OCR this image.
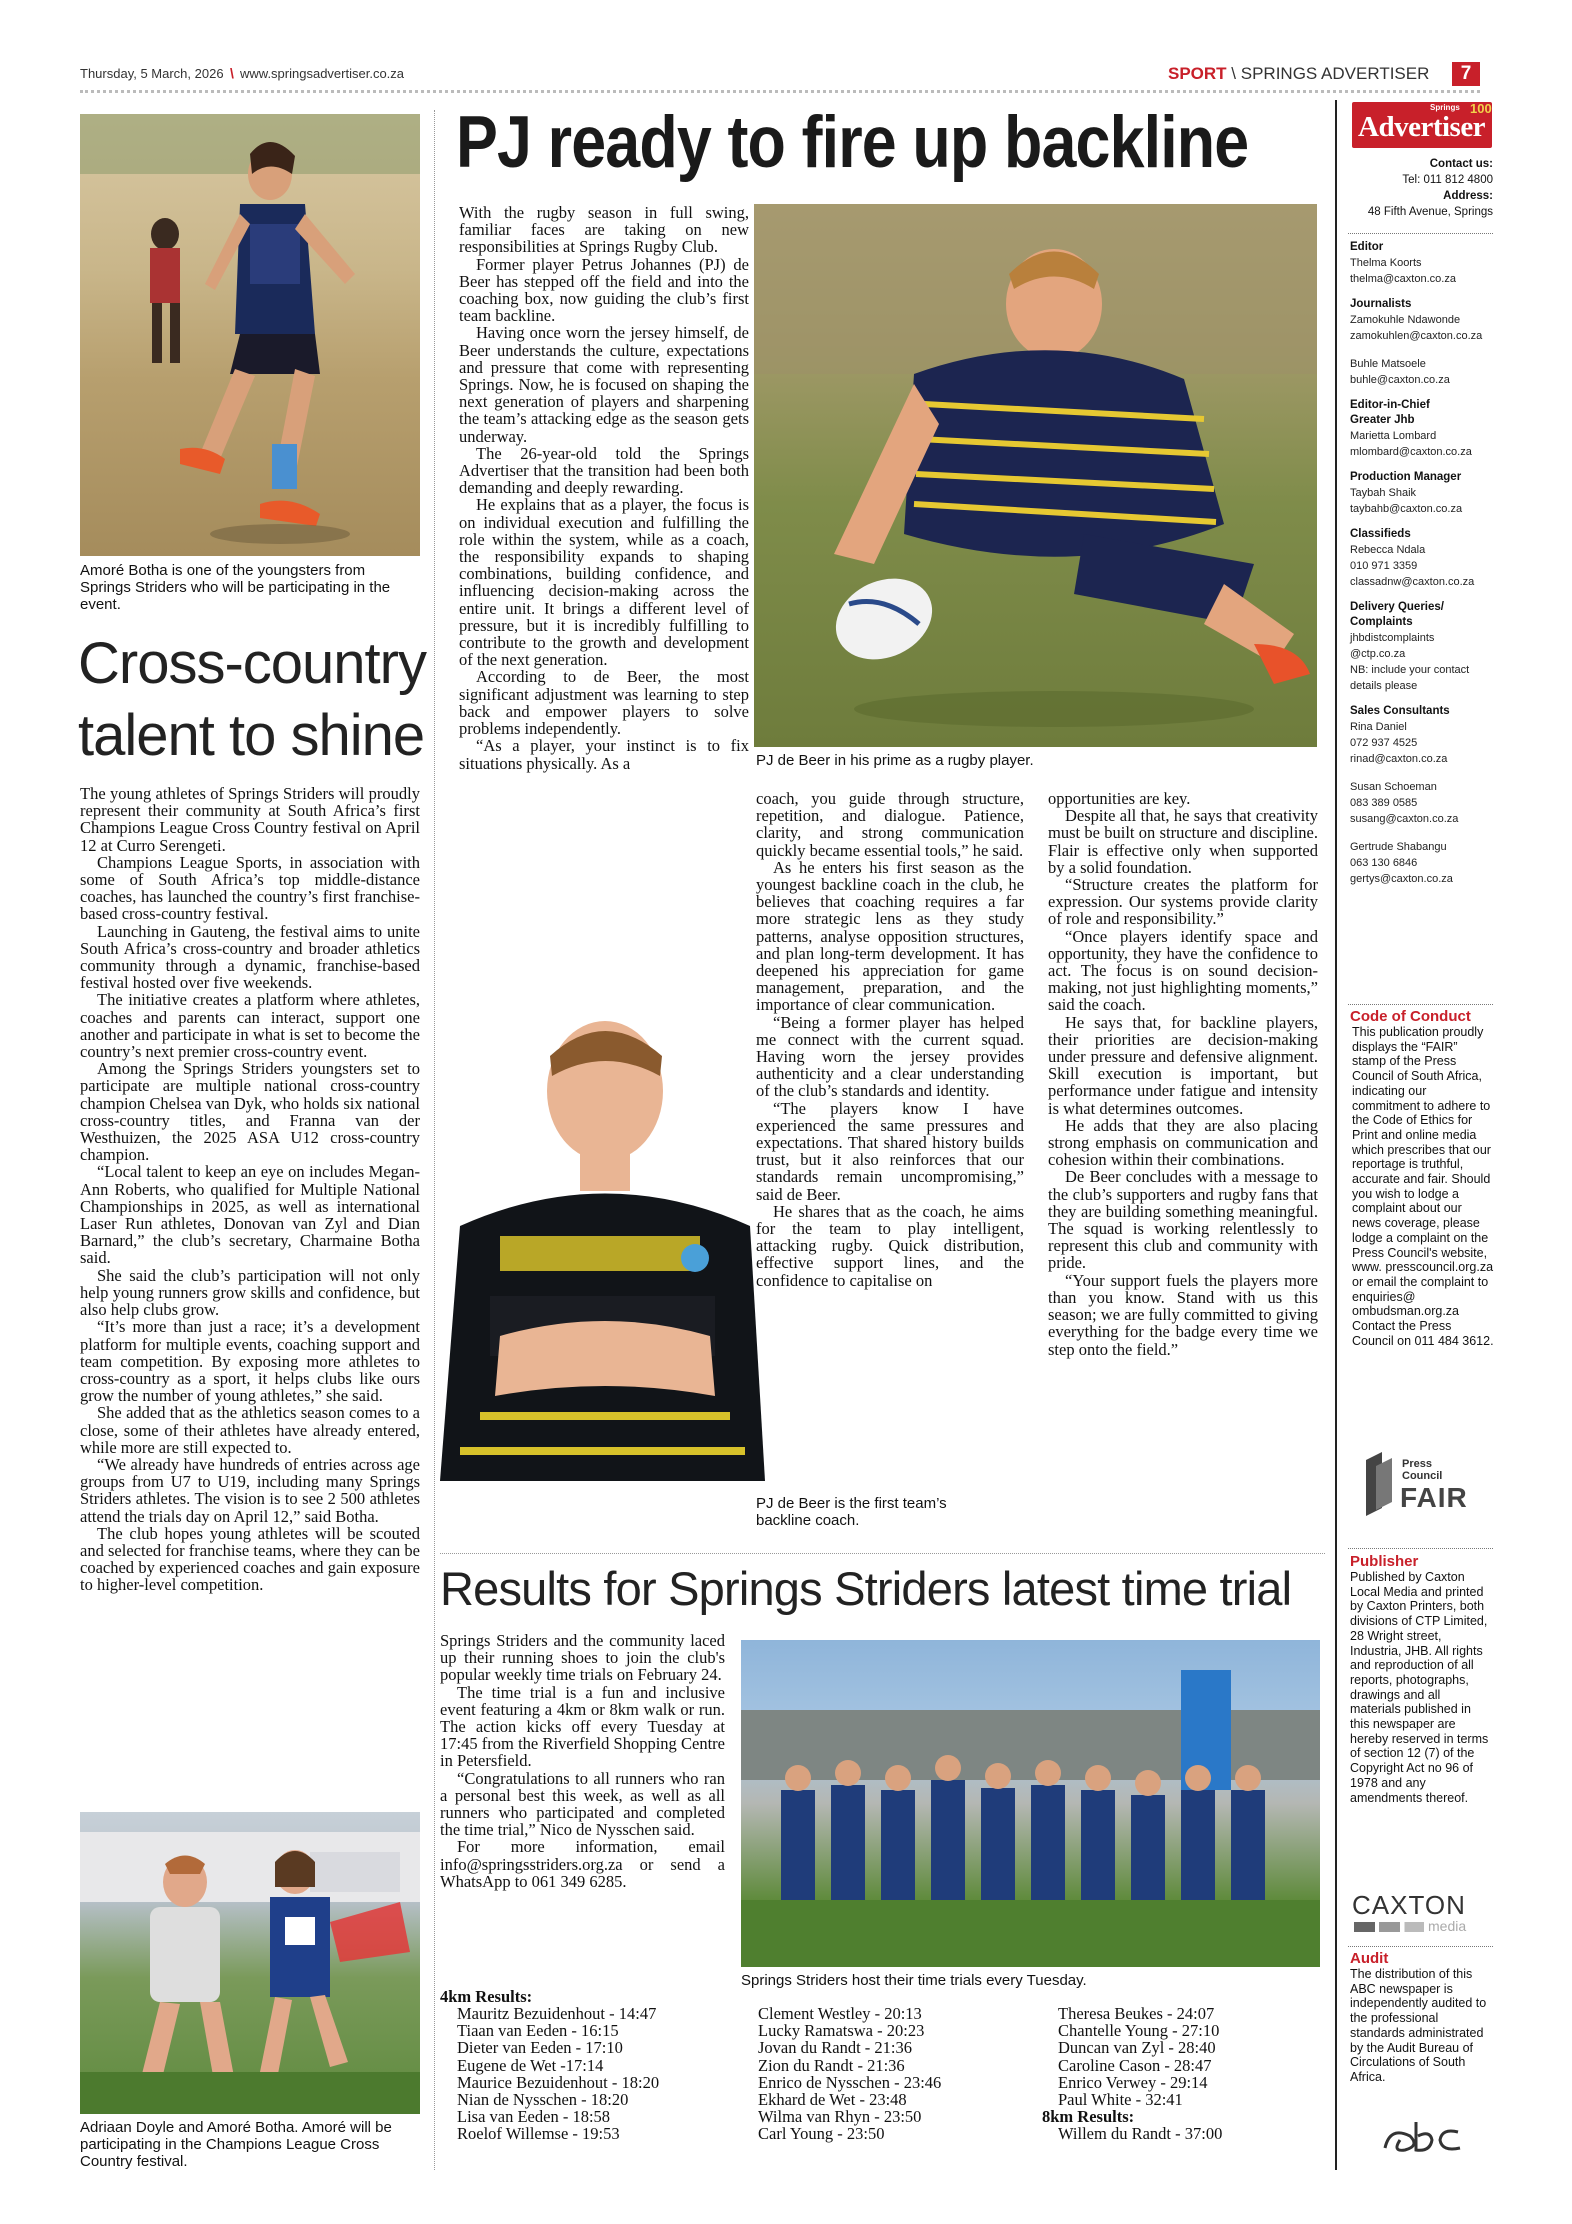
Thursday, 5 March, 2026 \ www.springsadvertiser.co.za	SPORT \ SPRINGS ADVERTISER	7
Amoré Botha is one of the youngsters from Springs Striders who will be participating in the event.
Cross-country
talent to shine

The young athletes of Springs Striders will proudly represent their community at South Africa’s first Champions League Cross Country festival on April 12 at Curro Serengeti.

Champions League Sports, in association with some of South Africa’s top middle-distance coaches, has launched the country’s first franchise-based cross-country festival.

Launching in Gauteng, the festival aims to unite South Africa’s cross-country and broader athletics community through a dynamic, franchise-based festival hosted over five weekends.

The initiative creates a platform where athletes, coaches and parents can interact, support one another and participate in what is set to become the country’s next premier cross-country event.

Among the Springs Striders youngsters set to participate are multiple national cross-country champion Chelsea van Dyk, who holds six national cross-country titles, and Franna van der Westhuizen, the 2025 ASA U12 cross-country champion.

“Local talent to keep an eye on includes Megan-Ann Roberts, who qualified for Multiple National Championships in 2025, as well as international Laser Run athletes, Donovan van Zyl and Dian Barnard,” the club’s secretary, Charmaine Botha said.

She said the club’s participation will not only help young runners grow skills and confidence, but also help clubs grow.

“It’s more than just a race; it’s a development platform for multiple events, coaching support and team competition. By exposing more athletes to cross-country as a sport, it helps clubs like ours grow the number of young athletes,” she said.

She added that as the athletics season comes to a close, some of their athletes have already entered, while more are still expected to.

“We already have hundreds of entries across age groups from U7 to U19, including many Springs Striders athletes. The vision is to see 2 500 athletes attend the trials day on April 12,” said Botha.

The club hopes young athletes will be scouted and selected for franchise teams, where they can be coached by experienced coaches and gain exposure to higher-level competition.

Adriaan Doyle and Amoré Botha. Amoré will be participating in the Champions League Cross Country festival.
PJ ready to fire up backline

With the rugby season in full swing, familiar faces are taking on new responsibilities at Springs Rugby Club.

Former player Petrus Johannes (PJ) de Beer has stepped off the field and into the coaching box, now guiding the club’s first team backline.

Having once worn the jersey himself, de Beer understands the culture, expectations and pressure that come with representing Springs. Now, he is focused on shaping the next generation of players and sharpening the team’s attacking edge as the season gets underway.

The 26-year-old told the Springs Advertiser that the transition had been both demanding and deeply rewarding.

He explains that as a player, the focus is on individual execution and fulfilling the role within the system, while as a coach, the responsibility expands to shaping combinations, building confidence, and influencing decision-making across the entire unit. It brings a different level of pressure, but it is incredibly fulfilling to contribute to the growth and development of the next generation.

According to de Beer, the most significant adjustment was learning to step back and empower players to solve problems independently.

“As a player, your instinct is to fix situations physically. As a	PJ de Beer in his prime as a rugby player.

coach, you guide through structure, repetition, and dialogue. Patience, clarity, and strong communication quickly became essential tools,” he said.

As he enters his first season as the youngest backline coach in the club, he believes that coaching requires a far more strategic lens as they study patterns, analyse opposition structures, and plan long-term development. It has deepened his appreciation for game management, preparation, and the importance of clear communication.

“Being a former player has helped me connect with the current squad. Having worn the jersey provides authenticity and a clear understanding of the club’s standards and identity.

“The players know I have experienced the same pressures and expectations. That shared history builds trust, but it also reinforces that our standards remain uncompromising,” said de Beer.

He shares that as the coach, he aims for the team to play intelligent, attacking rugby. Quick distribution, effective support lines, and the confidence to capitalise on

PJ de Beer is the first team’s backline coach.

opportunities are key.

Despite all that, he says that creativity must be built on structure and discipline. Flair is effective only when supported by a solid foundation.

“Structure creates the platform for expression. Our systems provide clarity of role and responsibility.”

“Once players identify space and opportunity, they have the confidence to act. The focus is on sound decision-making, not just highlighting moments,” said the coach.

He says that, for backline players, their priorities are decision-making under pressure and defensive alignment. Skill execution is important, but performance under fatigue and intensity is what determines outcomes.

He adds that they are also placing strong emphasis on communication and cohesion within their combinations.

De Beer concludes with a message to the club’s supporters and rugby fans that they are building something meaningful. The squad is working relentlessly to represent this club and community with pride.

“Your support fuels the players more than you know. Stand with us this season; we are fully committed to giving everything for the badge every time we step onto the field.”

Results for Springs Striders latest time trial

Springs Striders and the community laced up their running shoes to join the club's popular weekly time trials on February 24.

The time trial is a fun and inclusive event featuring a 4km or 8km walk or run. The action kicks off every Tuesday at 17:45 from the Riverfield Shopping Centre in Petersfield.

“Congratulations to all runners who ran a personal best this week, as well as all runners who participated and completed the time trial,” Nico de Nysschen said.

For more information, email info@springsstriders.org.za or send a WhatsApp to 061 349 6285.

Springs Striders host their time trials every Tuesday.
4km Results:
Mauritz Bezuidenhout - 14:47
Tiaan van Eeden - 16:15
Dieter van Eeden - 17:10
Eugene de Wet -17:14
Maurice Bezuidenhout - 18:20
Nian de Nysschen - 18:20
Lisa van Eeden - 18:58
Roelof Willemse - 19:53
Clement Westley - 20:13
Lucky Ramatswa - 20:23
Jovan du Randt - 21:36
Zion du Randt - 21:36
Enrico de Nysschen - 23:46
Ekhard de Wet - 23:48
Wilma van Rhyn - 23:50
Carl Young - 23:50
Theresa Beukes - 24:07
Chantelle Young - 27:10
Duncan van Zyl - 28:40
Caroline Cason - 28:47
Enrico Verwey - 29:14
Paul White - 32:41
8km Results:
Willem du Randt - 37:00
Springs 100
Advertiser
Contact us:
Tel: 011 812 4800
Address:
48 Fifth Avenue, Springs
Editor
Thelma Koorts
thelma@caxton.co.za
Journalists
Zamokuhle Ndawonde
zamokuhlen@caxton.co.za
Buhle Matsoele
buhle@caxton.co.za
Editor-in-Chief
Greater Jhb
Marietta Lombard
mlombard@caxton.co.za
Production Manager
Taybah Shaik
taybahb@caxton.co.za
Classifieds
Rebecca Ndala
010 971 3359
classadnw@caxton.co.za
Delivery Queries/
Complaints
jhbdistcomplaints
@ctp.co.za
NB: include your contact
details please
Sales Consultants
Rina Daniel
072 937 4525
rinad@caxton.co.za
Susan Schoeman
083 389 0585
susang@caxton.co.za
Gertrude Shabangu
063 130 6846
gertys@caxton.co.za
Code of Conduct
This publication proudly displays the “FAIR” stamp of the Press Council of South Africa, indicating our commitment to adhere to the Code of Ethics for Print and online media which prescribes that our reportage is truthful, accurate and fair. Should you wish to lodge a complaint about our news coverage, please lodge a complaint on the Press Council's website, www. presscouncil.org.za or email the complaint to enquiries@ ombudsman.org.za Contact the Press Council on 011 484 3612.
Press
Council
FAIR
Publisher
Published by Caxton Local Media and printed by Caxton Printers, both divisions of CTP Limited, 28 Wright street, Industria, JHB. All rights and reproduction of all reports, photographs, drawings and all materials published in this newspaper are hereby reserved in terms of section 12 (7) of the Copyright Act no 96 of 1978 and any amendments thereof.
CAXTON
media
Audit
The distribution of this ABC newspaper is independently audited to the professional standards administrated by the Audit Bureau of Circulations of South Africa.
